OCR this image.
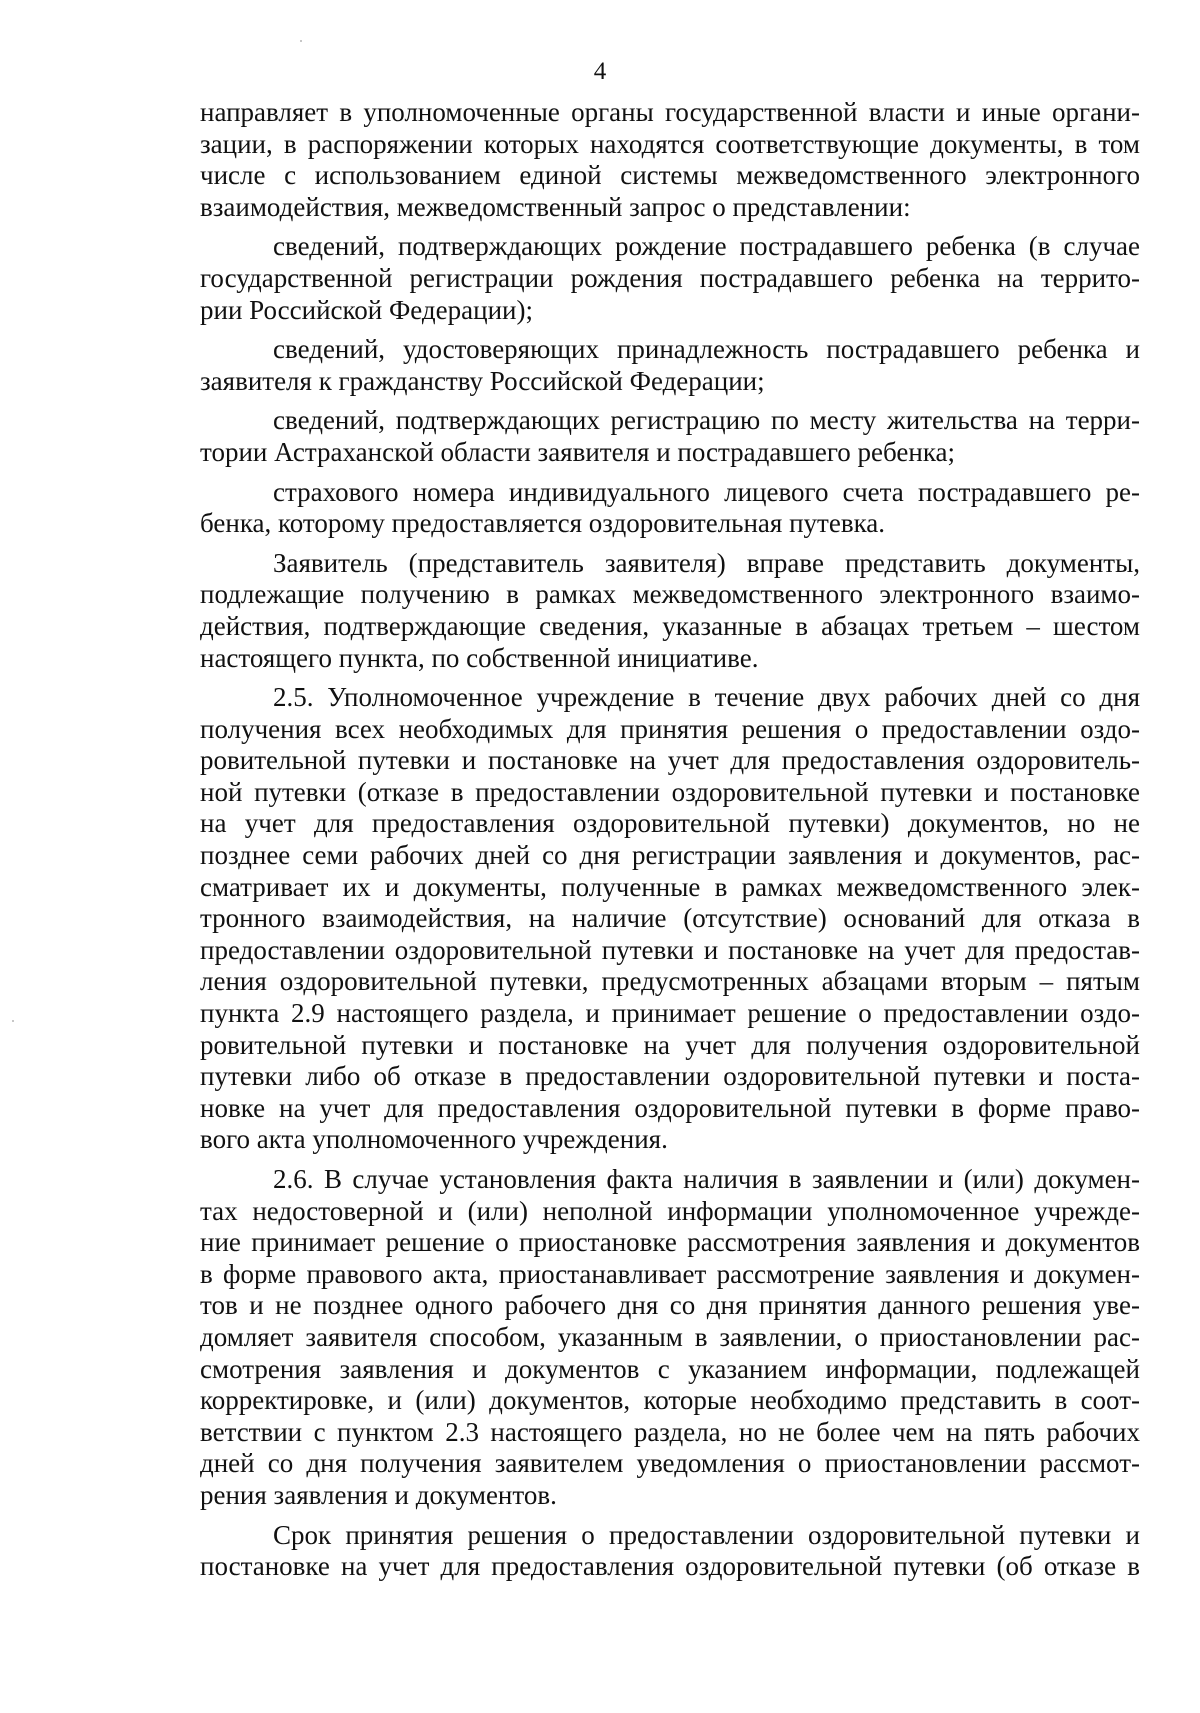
4

направляет в уполномоченные органы государственной власти и иные органи-
зации, в распоряжении которых находятся соответствующие документы, в том
числе с использованием единой системы межведомственного электронного
взаимодействия, межведомственный запрос о представлении:

сведений, подтверждающих рождение пострадавшего ребенка (в случае
государственной регистрации рождения пострадавшего ребенка на террито-
рии Российской Федерации);

сведений, удостоверяющих принадлежность пострадавшего ребенка и
заявителя к гражданству Российской Федерации;

сведений, подтверждающих регистрацию по месту жительства на терри-
тории Астраханской области заявителя и пострадавшего ребенка;

страхового номера индивидуального лицевого счета пострадавшего ре-
бенка, которому предоставляется оздоровительная путевка.

Заявитель (представитель заявителя) вправе представить документы,
подлежащие получению в рамках межведомственного электронного взаимо-
действия, подтверждающие сведения, указанные в абзацах третьем – шестом
настоящего пункта, по собственной инициативе.

2.5. Уполномоченное учреждение в течение двух рабочих дней со дня
получения всех необходимых для принятия решения о предоставлении оздо-
ровительной путевки и постановке на учет для предоставления оздоровитель-
ной путевки (отказе в предоставлении оздоровительной путевки и постановке
на учет для предоставления оздоровительной путевки) документов, но не
позднее семи рабочих дней со дня регистрации заявления и документов, рас-
сматривает их и документы, полученные в рамках межведомственного элек-
тронного взаимодействия, на наличие (отсутствие) оснований для отказа в
предоставлении оздоровительной путевки и постановке на учет для предостав-
ления оздоровительной путевки, предусмотренных абзацами вторым – пятым
пункта 2.9 настоящего раздела, и принимает решение о предоставлении оздо-
ровительной путевки и постановке на учет для получения оздоровительной
путевки либо об отказе в предоставлении оздоровительной путевки и поста-
новке на учет для предоставления оздоровительной путевки в форме право-
вого акта уполномоченного учреждения.

2.6. В случае установления факта наличия в заявлении и (или) докумен-
тах недостоверной и (или) неполной информации уполномоченное учрежде-
ние принимает решение о приостановке рассмотрения заявления и документов
в форме правового акта, приостанавливает рассмотрение заявления и докумен-
тов и не позднее одного рабочего дня со дня принятия данного решения уве-
домляет заявителя способом, указанным в заявлении, о приостановлении рас-
смотрения заявления и документов с указанием информации, подлежащей
корректировке, и (или) документов, которые необходимо представить в соот-
ветствии с пунктом 2.3 настоящего раздела, но не более чем на пять рабочих
дней со дня получения заявителем уведомления о приостановлении рассмот-
рения заявления и документов.

Срок принятия решения о предоставлении оздоровительной путевки и
постановке на учет для предоставления оздоровительной путевки (об отказе в
